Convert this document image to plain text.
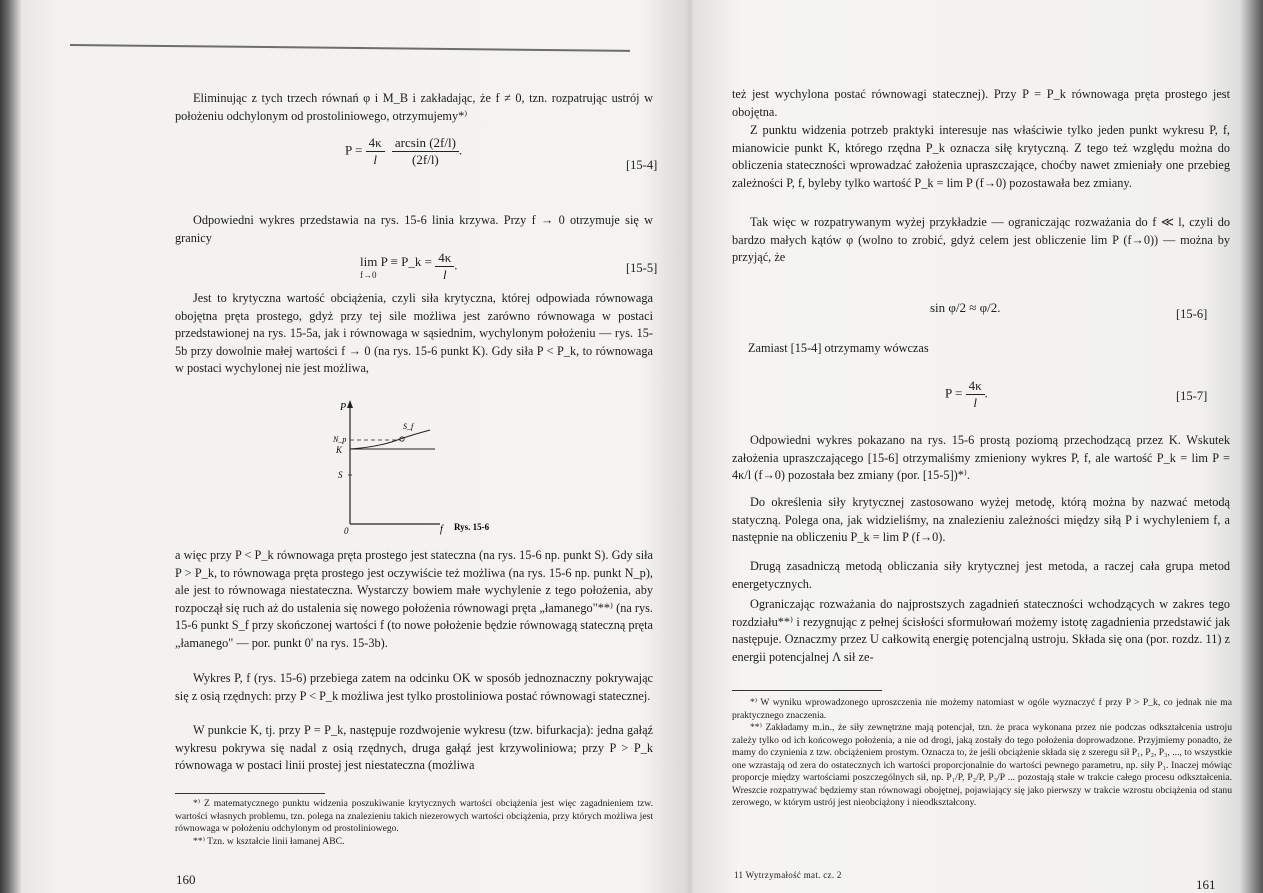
Eliminując z tych trzech równań φ i M_B i zakładając, że f ≠ 0, tzn. rozpatrując ustrój w położeniu odchylonym od prostoliniowego, otrzymujemy*⁾

$P = \frac{4\kappa}{l}$
$\frac{\arcsin (2f/l)}{(2f/l)}$ .
[15-4]

Odpowiedni wykres przedstawia na rys. 15-6 linia krzywa. Przy f → 0 otrzymuje się w granicy

lim P ≡ P_k =
f→0
	$\frac{4\kappa}{l}$ .	[15-5]

Jest to krytyczna wartość obciążenia, czyli siła krytyczna, której odpowiada równowaga obojętna pręta prostego, gdyż przy tej sile możliwa jest zarówno równowaga w postaci przedstawionej na rys. 15-5a, jak i równowaga w sąsiednim, wychylonym położeniu — rys. 15-5b przy dowolnie małej wartości f → 0 (na rys. 15-6 punkt K). Gdy siła P < P_k, to równowaga w postaci wychylonej nie jest możliwa,

P
N_p
K
S
S_f
0	f Rys. 15-6

a więc przy P < P_k równowaga pręta prostego jest stateczna (na rys. 15-6 np. punkt S). Gdy siła P > P_k, to równowaga pręta prostego jest oczywiście też możliwa (na rys. 15-6 np. punkt N_p), ale jest to równowaga niestateczna. Wystarczy bowiem małe wychylenie z tego położenia, aby rozpoczął się ruch aż do ustalenia się nowego położenia równowagi pręta „łamanego"**⁾ (na rys. 15-6 punkt S_f przy skończonej wartości f (to nowe położenie będzie równowagą stateczną pręta „łamanego" — por. punkt 0' na rys. 15-3b).

Wykres P, f (rys. 15-6) przebiega zatem na odcinku OK w sposób jednoznaczny pokrywając się z osią rzędnych: przy P < P_k możliwa jest tylko prostoliniowa postać równowagi statecznej.

W punkcie K, tj. przy P = P_k, następuje rozdwojenie wykresu (tzw. bifurkacja): jedna gałąź wykresu pokrywa się nadal z osią rzędnych, druga gałąź jest krzywoliniowa; przy P > P_k równowaga w postaci linii prostej jest niestateczna (możliwa

*⁾ Z matematycznego punktu widzenia poszukiwanie krytycznych wartości obciążenia jest więc zagadnieniem tzw. wartości własnych problemu, tzn. polega na znalezieniu takich niezerowych wartości obciążenia, przy których możliwa jest równowaga w położeniu odchylonym od prostoliniowego.

**⁾ Tzn. w kształcie linii łamanej ABC.

160

też jest wychylona postać równowagi statecznej). Przy P = P_k równowaga pręta prostego jest obojętna.

Z punktu widzenia potrzeb praktyki interesuje nas właściwie tylko jeden punkt wykresu P, f, mianowicie punkt K, którego rzędna P_k oznacza siłę krytyczną. Z tego też względu można do obliczenia stateczności wprowadzać założenia upraszczające, choćby nawet zmieniały one przebieg zależności P, f, byleby tylko wartość P_k = lim P (f→0) pozostawała bez zmiany.

Tak więc w rozpatrywanym wyżej przykładzie — ograniczając rozważania do f ≪ l, czyli do bardzo małych kątów φ (wolno to zrobić, gdyż celem jest obliczenie lim P (f→0)) — można by przyjąć, że

sin φ/2 ≈ φ/2.	[15-6]

Zamiast [15-4] otrzymamy wówczas

$P = \frac{4\kappa}{l}$ .	[15-7]

Odpowiedni wykres pokazano na rys. 15-6 prostą poziomą przechodzącą przez K. Wskutek założenia upraszczającego [15-6] otrzymaliśmy zmieniony wykres P, f, ale wartość P_k = lim P = 4κ/l (f→0) pozostała bez zmiany (por. [15-5])*⁾.

Do określenia siły krytycznej zastosowano wyżej metodę, którą można by nazwać metodą statyczną. Polega ona, jak widzieliśmy, na znalezieniu zależności między siłą P i wychyleniem f, a następnie na obliczeniu P_k = lim P (f→0).

Drugą zasadniczą metodą obliczania siły krytycznej jest metoda, a raczej cała grupa metod energetycznych.

Ograniczając rozważania do najprostszych zagadnień stateczności wchodzących w zakres tego rozdziału**⁾ i rezygnując z pełnej ścisłości sformułowań możemy istotę zagadnienia przedstawić jak następuje. Oznaczmy przez U całkowitą energię potencjalną ustroju. Składa się ona (por. rozdz. 11) z energii potencjalnej Λ sił ze-

*⁾ W wyniku wprowadzonego uproszczenia nie możemy natomiast w ogóle wyznaczyć f przy P > P_k, co jednak nie ma praktycznego znaczenia.

**⁾ Zakładamy m.in., że siły zewnętrzne mają potencjał, tzn. że praca wykonana przez nie podczas odkształcenia ustroju zależy tylko od ich końcowego położenia, a nie od drogi, jaką zostały do tego położenia doprowadzone. Przyjmiemy ponadto, że mamy do czynienia z tzw. obciążeniem prostym. Oznacza to, że jeśli obciążenie składa się z szeregu sił P₁, P₂, P₃, ..., to wszystkie one wzrastają od zera do ostatecznych ich wartości proporcjonalnie do wartości pewnego parametru, np. siły P₁. Inaczej mówiąc proporcje między wartościami poszczególnych sił, np. P₁/P, P₂/P, P₃/P ... pozostają stałe w trakcie całego procesu odkształcenia. Wreszcie rozpatrywać będziemy stan równowagi obojętnej, pojawiający się jako pierwszy w trakcie wzrostu obciążenia od stanu zerowego, w którym ustrój jest nieobciążony i nieodkształcony.

11 Wytrzymałość mat. cz. 2
161
